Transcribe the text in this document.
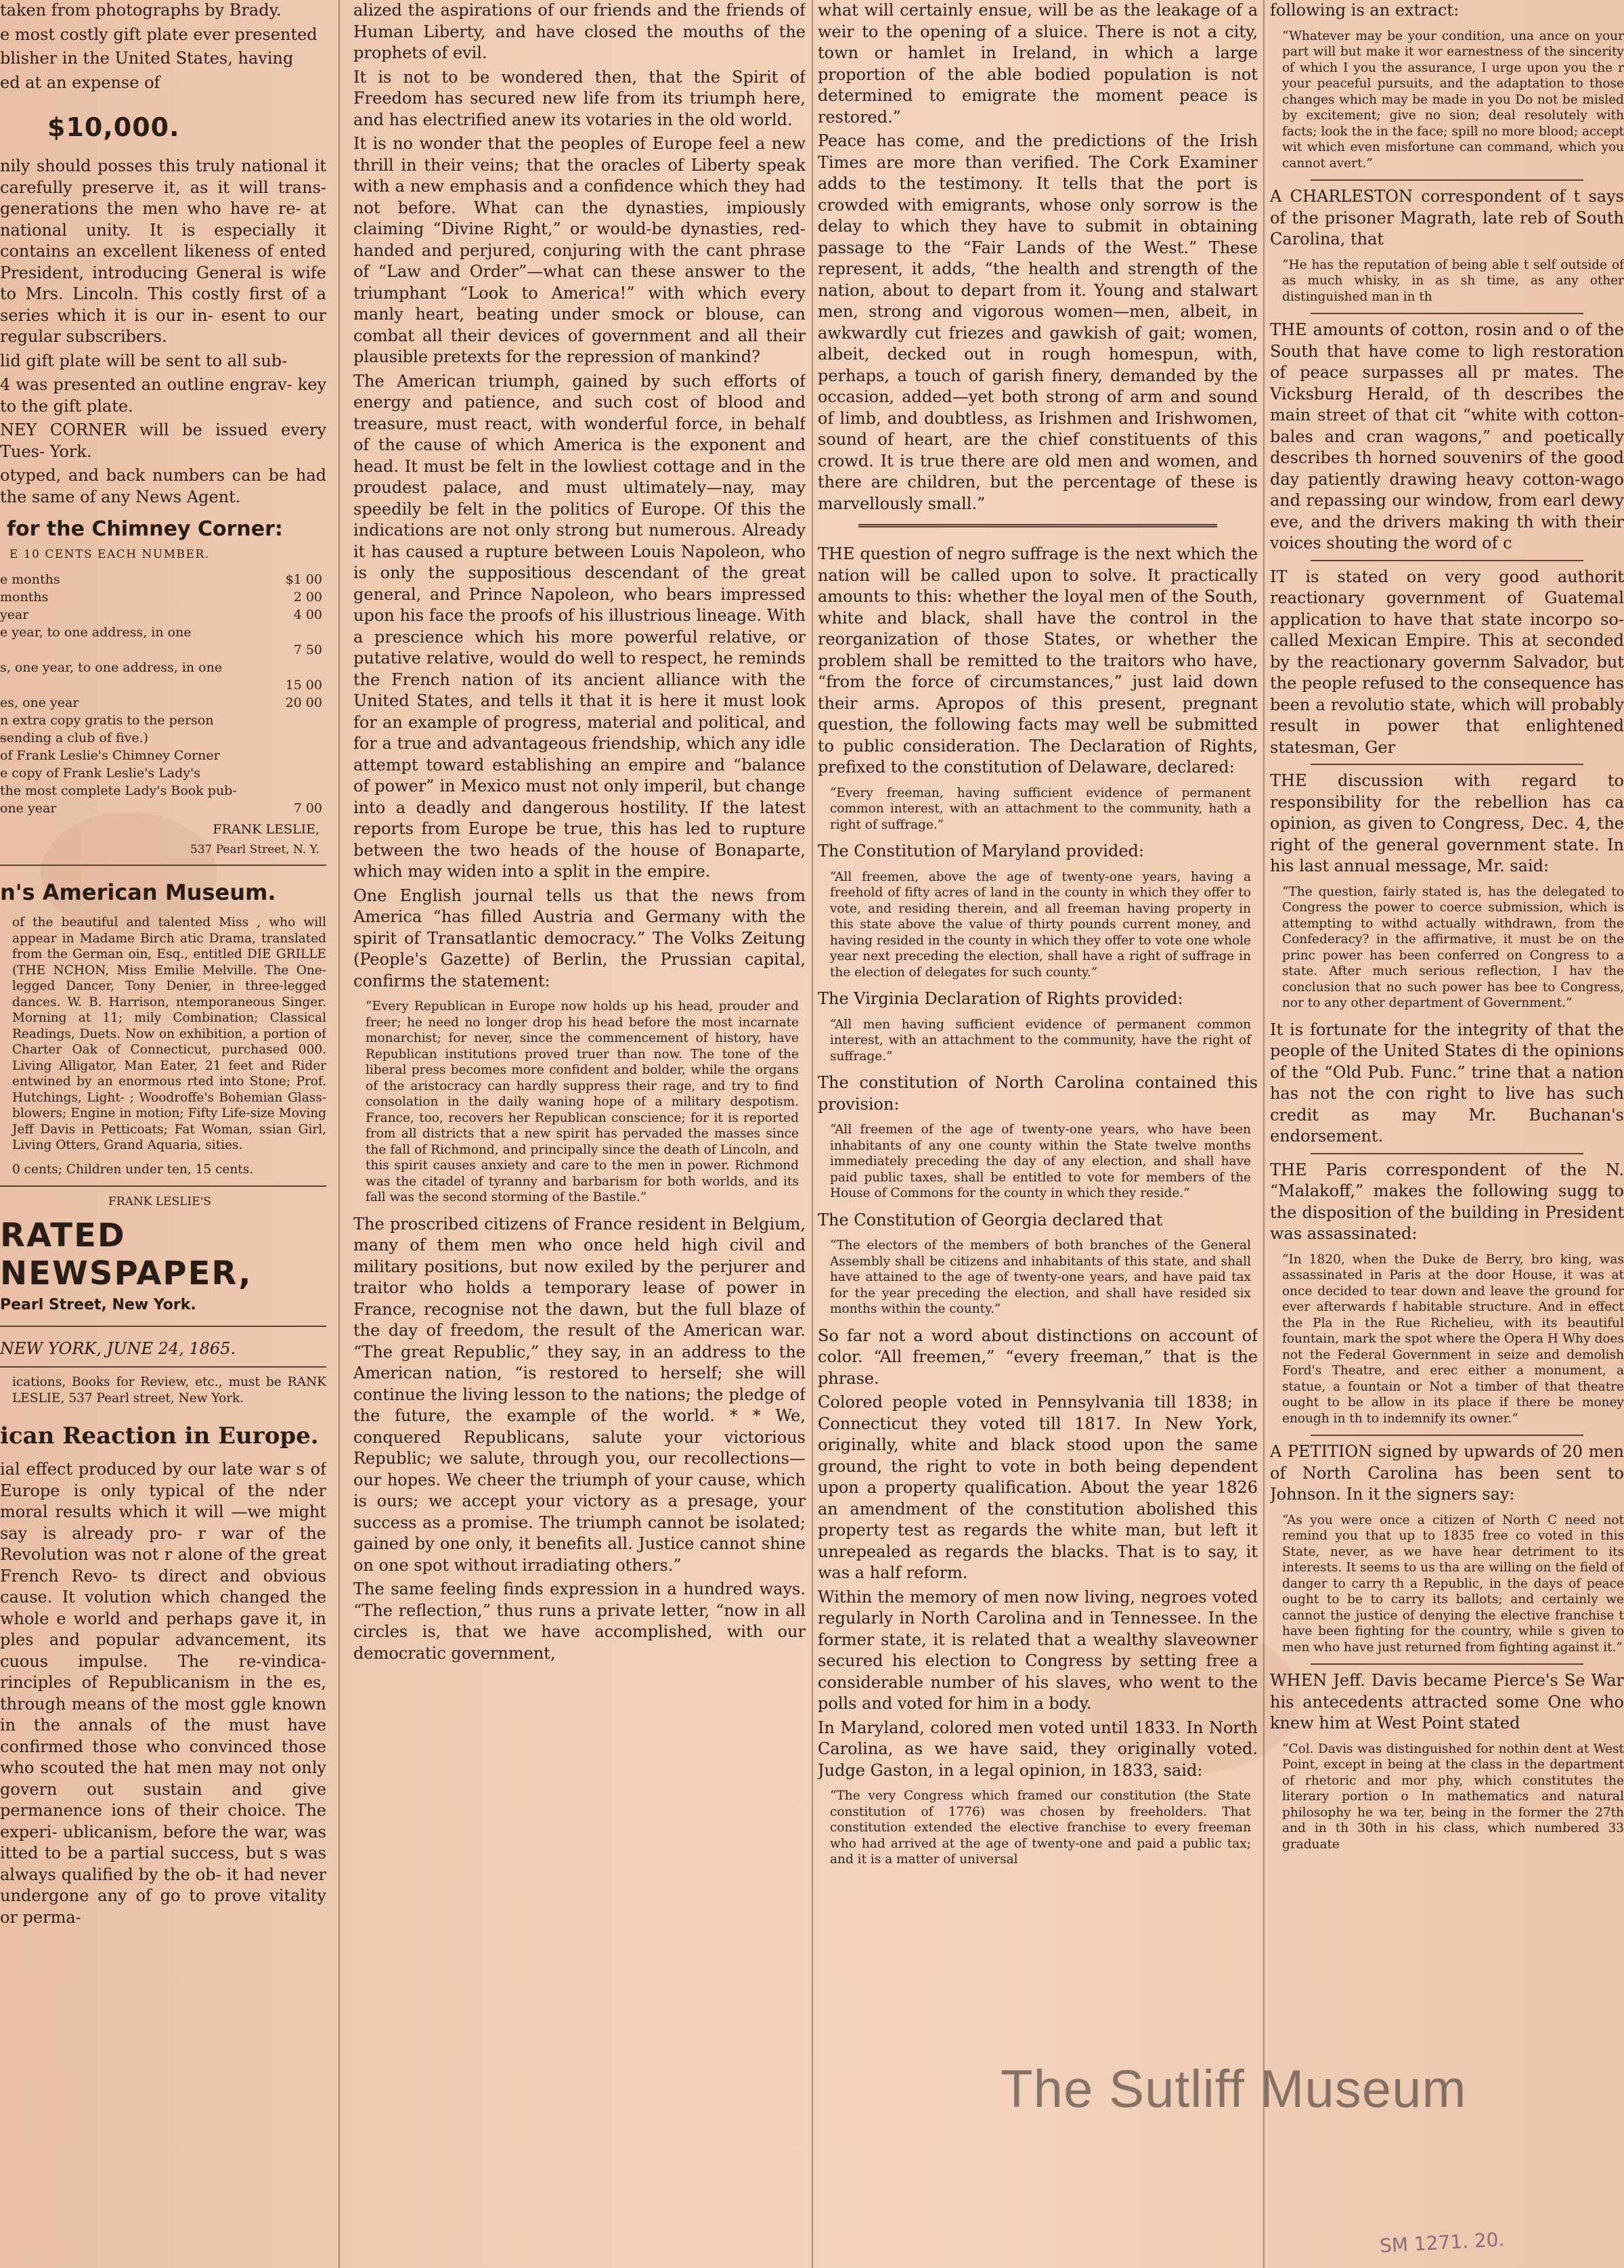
taken from photographs by Brady.

e most costly gift plate ever presented

blisher in the United States, having

ed at an expense of

$10,000.

nily should posses this truly national it carefully preserve it, as it will trans- generations the men who have re- at national unity. It is especially it contains an excellent likeness of ented President, introducing General is wife to Mrs. Lincoln. This costly first of a series which it is our in- esent to our regular subscribers.

lid gift plate will be sent to all sub-

4 was presented an outline engrav- key to the gift plate.

NEY CORNER will be issued every Tues- York.

otyped, and back numbers can be had the same of any News Agent.

for the Chimney Corner:
E 10 CENTS EACH NUMBER.
e months	$1 00
months	2 00
year	4 00
e year, to one address, in one
7 50
s, one year, to one address, in one
15 00
es, one year	20 00
n extra copy gratis to the person
s̶ending a club of five.)
of Frank Leslie's Chimney Corner
e copy of Frank Leslie's Lady's
the most complete Lady's Book pub-
one year	7 00
FRANK LESLIE,
537 Pearl Street, N. Y.
n's American Museum.

of the beautiful and talented Miss , who will appear in Madame Birch atic Drama, translated from the German oin, Esq., entitled DIE GRILLE (THE NCHON, Miss Emilie Melville. The One-legged Dancer, Tony Denier, in three-legged dances. W. B. Harrison, ntemporaneous Singer. Morning at 11; mily Combination; Classical Readings, Duets. Now on exhibition, a portion of Charter Oak of Connecticut, purchased 000. Living Alligator, Man Eater, 21 feet and Rider entwined by an enormous rted into Stone; Prof. Hutchings, Light- ; Woodroffe's Bohemian Glass-blowers; Engine in motion; Fifty Life-size Moving Jeff Davis in Petticoats; Fat Woman, ssian Girl, Living Otters, Grand Aquaria, sities.

0 cents; Children under ten, 15 cents.

FRANK LESLIE'S
RATED NEWSPAPER,
Pearl Street, New York.
NEW YORK, JUNE 24, 1865.

ications, Books for Review, etc., must be RANK LESLIE, 537 Pearl street, New York.

ican Reaction in Europe.

ial effect produced by our late war s of Europe is only typical of the nder moral results which it will —we might say is already pro- r war of the Revolution was not r alone of the great French Revo- ts direct and obvious cause. It volution which changed the whole e world and perhaps gave it, in ples and popular advancement, its cuous impulse. The re-vindica- rinciples of Republicanism in the es, through means of the most ggle known in the annals of the must have confirmed those who convinced those who scouted the hat men may not only govern out sustain and give permanence ions of their choice. The experi- ublicanism, before the war, was itted to be a partial success, but s was always qualified by the ob- it had never undergone any of go to prove vitality or perma-

alized the aspirations of our friends and the friends of Human Liberty, and have closed the mouths of the prophets of evil.

It is not to be wondered then, that the Spirit of Freedom has secured new life from its triumph here, and has electrified anew its votaries in the old world.

It is no wonder that the peoples of Europe feel a new thrill in their veins; that the oracles of Liberty speak with a new emphasis and a confidence which they had not before. What can the dynasties, impiously claiming “Divine Right,” or would-be dynasties, red-handed and perjured, conjuring with the cant phrase of “Law and Order”—what can these answer to the triumphant “Look to America!” with which every manly heart, beating under smock or blouse, can combat all their devices of government and all their plausible pretexts for the repression of mankind?

The American triumph, gained by such efforts of energy and patience, and such cost of blood and treasure, must react, with wonderful force, in behalf of the cause of which America is the exponent and head. It must be felt in the lowliest cottage and in the proudest palace, and must ultimately—nay, may speedily be felt in the politics of Europe. Of this the indications are not only strong but numerous. Already it has caused a rupture between Louis Napoleon, who is only the suppositious descendant of the great general, and Prince Napoleon, who bears impressed upon his face the proofs of his illustrious lineage. With a prescience which his more powerful relative, or putative relative, would do well to respect, he reminds the French nation of its ancient alliance with the United States, and tells it that it is here it must look for an example of progress, material and political, and for a true and advantageous friendship, which any idle attempt toward establishing an empire and “balance of power” in Mexico must not only imperil, but change into a deadly and dangerous hostility. If the latest reports from Europe be true, this has led to rupture between the two heads of the house of Bonaparte, which may widen into a split in the empire.

One English journal tells us that the news from America “has filled Austria and Germany with the spirit of Transatlantic democracy.” The Volks Zeitung (People's Gazette) of Berlin, the Prussian capital, confirms the statement:

“Every Republican in Europe now holds up his head, prouder and freer; he need no longer drop his head before the most incarnate monarchist; for never, since the commencement of history, have Republican institutions proved truer than now. The tone of the liberal press becomes more confident and bolder, while the organs of the aristocracy can hardly suppress their rage, and try to find consolation in the daily waning hope of a military despotism. France, too, recovers her Republican conscience; for it is reported from all districts that a new spirit has pervaded the masses since the fall of Richmond, and principally since the death of Lincoln, and this spirit causes anxiety and care to the men in power. Richmond was the citadel of tyranny and barbarism for both worlds, and its fall was the second storming of the Bastile.”

The proscribed citizens of France resident in Belgium, many of them men who once held high civil and military positions, but now exiled by the perjurer and traitor who holds a temporary lease of power in France, recognise not the dawn, but the full blaze of the day of freedom, the result of the American war. “The great Republic,” they say, in an address to the American nation, “is restored to herself; she will continue the living lesson to the nations; the pledge of the future, the example of the world. * * We, conquered Republicans, salute your victorious Republic; we salute, through you, our recollections—our hopes. We cheer the triumph of your cause, which is ours; we accept your victory as a presage, your success as a promise. The triumph cannot be isolated; gained by one only, it benefits all. Justice cannot shine on one spot without irradiating others.”

The same feeling finds expression in a hundred ways. “The reflection,” thus runs a private letter, “now in all circles is, that we have accomplished, with our democratic government,

what will certainly ensue, will be as the leakage of a weir to the opening of a sluice. There is not a city, town or hamlet in Ireland, in which a large proportion of the able bodied population is not determined to emigrate the moment peace is restored.”

Peace has come, and the predictions of the Irish Times are more than verified. The Cork Examiner adds to the testimony. It tells that the port is crowded with emigrants, whose only sorrow is the delay to which they have to submit in obtaining passage to the “Fair Lands of the West.” These represent, it adds, “the health and strength of the nation, about to depart from it. Young and stalwart men, strong and vigorous women—men, albeit, in awkwardly cut friezes and gawkish of gait; women, albeit, decked out in rough homespun, with, perhaps, a touch of garish finery, demanded by the occasion, added—yet both strong of arm and sound of limb, and doubtless, as Irishmen and Irishwomen, sound of heart, are the chief constituents of this crowd. It is true there are old men and women, and there are children, but the percentage of these is marvellously small.”

THE question of negro suffrage is the next which the nation will be called upon to solve. It practically amounts to this: whether the loyal men of the South, white and black, shall have the control in the reorganization of those States, or whether the problem shall be remitted to the traitors who have, “from the force of circumstances,” just laid down their arms. Apropos of this present, pregnant question, the following facts may well be submitted to public consideration. The Declaration of Rights, prefixed to the constitution of Delaware, declared:

“Every freeman, having sufficient evidence of permanent common interest, with an attachment to the community, hath a right of suffrage.”

The Constitution of Maryland provided:

“All freemen, above the age of twenty-one years, having a freehold of fifty acres of land in the county in which they offer to vote, and residing therein, and all freeman having property in this state above the value of thirty pounds current money, and having resided in the county in which they offer to vote one whole year next preceding the election, shall have a right of suffrage in the election of delegates for such county.”

The Virginia Declaration of Rights provided:

“All men having sufficient evidence of permanent common interest, with an attachment to the community, have the right of suffrage.”

The constitution of North Carolina contained this provision:

“All freemen of the age of twenty-one years, who have been inhabitants of any one county within the State twelve months immediately preceding the day of any election, and shall have paid public taxes, shall be entitled to vote for members of the House of Commons for the county in which they reside.”

The Constitution of Georgia declared that

“The electors of the members of both branches of the General Assembly shall be citizens and inhabitants of this state, and shall have attained to the age of twenty-one years, and have paid tax for the year preceding the election, and shall have resided six months within the county.”

So far not a word about distinctions on account of color. “All freemen,” “every freeman,” that is the phrase.

Colored people voted in Pennsylvania till 1838; in Connecticut they voted till 1817. In New York, originally, white and black stood upon the same ground, the right to vote in both being dependent upon a property qualification. About the year 1826 an amendment of the constitution abolished this property test as regards the white man, but left it unrepealed as regards the blacks. That is to say, it was a half reform.

Within the memory of men now living, negroes voted regularly in North Carolina and in Tennessee. In the former state, it is related that a wealthy slaveowner secured his election to Congress by setting free a considerable number of his slaves, who went to the polls and voted for him in a body.

In Maryland, colored men voted until 1833. In North Carolina, as we have said, they originally voted. Judge Gaston, in a legal opinion, in 1833, said:

“The very Congress which framed our constitution (the State constitution of 1776) was chosen by freeholders. That constitution extended the elective franchise to every freeman who had arrived at the age of twenty-one and paid a public tax; and it is a matter of universal

following is an extract:

“Whatever may be your condition, una ance on your part will but make it wor earnestness of the sincerity of which I you the assurance, I urge upon you the r your peaceful pursuits, and the adaptation to those changes which may be made in you Do not be misled by excitement; give no sion; deal resolutely with facts; look the in the face; spill no more blood; accept wit which even misfortune can command, which you cannot avert.”

A CHARLESTON correspondent of t says of the prisoner Magrath, late reb of South Carolina, that

“He has the reputation of being able t self outside of as much whisky, in as sh time, as any other distinguished man in th

THE amounts of cotton, rosin and o of the South that have come to ligh restoration of peace surpasses all pr mates. The Vicksburg Herald, of th describes the main street of that cit “white with cotton-bales and cran wagons,” and poetically describes th horned souvenirs of the good day patiently drawing heavy cotton-wago and repassing our window, from earl dewy eve, and the drivers making th with their voices shouting the word of c

IT is stated on very good authorit reactionary government of Guatemal application to have that state incorpo so-called Mexican Empire. This at seconded by the reactionary governm Salvador, but the people refused to the consequence has been a revolutio state, which will probably result in power that enlightened statesman, Ger

THE discussion with regard to responsibility for the rebellion has ca opinion, as given to Congress, Dec. 4, the right of the general government state. In his last annual message, Mr. said:

“The question, fairly stated is, has the delegated to Congress the power to coerce submission, which is attempting to withd actually withdrawn, from the Confederacy? in the affirmative, it must be on the princ power has been conferred on Congress to a state. After much serious reflection, I hav the conclusion that no such power has bee to Congress, nor to any other department of Government.”

It is fortunate for the integrity of that the people of the United States di the opinions of the “Old Pub. Func.” trine that a nation has not the con right to live has such credit as may Mr. Buchanan's endorsement.

THE Paris correspondent of the N. “Malakoff,” makes the following sugg to the disposition of the building in President was assassinated:

“In 1820, when the Duke de Berry, bro king, was assassinated in Paris at the door House, it was at once decided to tear down and leave the ground for ever afterwards f habitable structure. And in effect the Pla in the Rue Richelieu, with its beautiful fountain, mark the spot where the Opera H Why does not the Federal Government in seize and demolish Ford's Theatre, and erec either a monument, a statue, a fountain or Not a timber of that theatre ought to be allow in its place if there be money enough in th to indemnify its owner.”

A PETITION signed by upwards of 20 men of North Carolina has been sent to Johnson. In it the signers say:

“As you were once a citizen of North C need not remind you that up to 1835 free co voted in this State, never, as we have hear detriment to its interests. It seems to us tha are willing on the field of danger to carry th a Republic, in the days of peace ought to be to carry its ballots; and certainly we cannot the justice of denying the elective franchise t have been fighting for the country, while s given to men who have just returned from fighting against it.”

WHEN Jeff. Davis became Pierce's Se War his antecedents attracted some One who knew him at West Point stated

“Col. Davis was distinguished for nothin dent at West Point, except in being at the class in the department of rhetoric and mor phy, which constitutes the literary portion o In mathematics and natural philosophy he wa ter, being in the former the 27th and in th 30th in his class, which numbered 33 graduate

The Sutliff Museum
SM 1271. 20.
